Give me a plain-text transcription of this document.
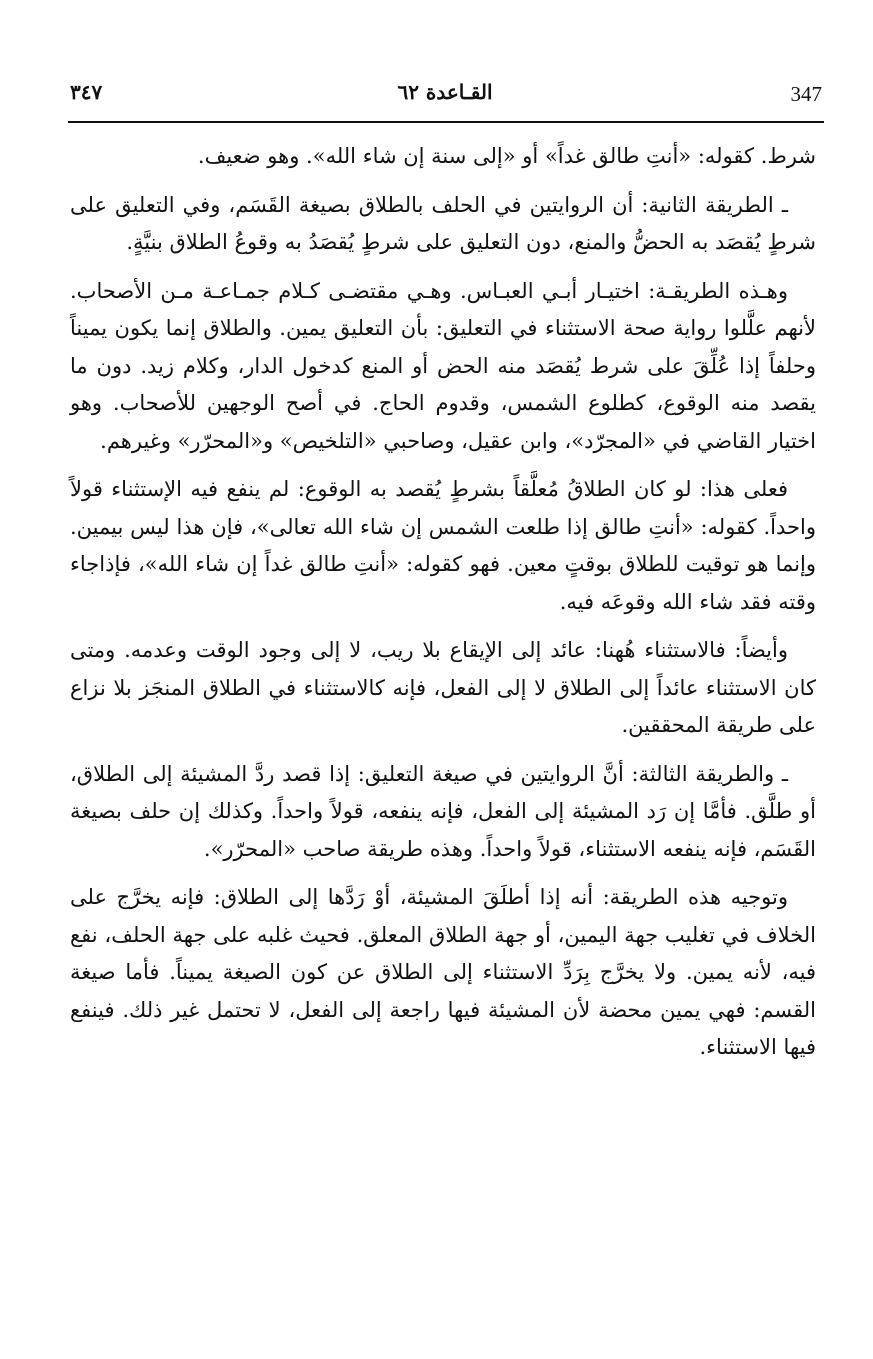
347
القـاعدة ٦٢
٣٤٧

شرط. كقوله: «أنتِ طالق غداً» أو «إلى سنة إن شاء الله». وهو ضعيف.

ـ الطريقة الثانية: أن الروايتين في الحلف بالطلاق بصيغة القَسَم، وفي التعليق على شرطٍ يُقصَد به الحضُّ والمنع، دون التعليق على شرطٍ يُقصَدُ به وقوعُ الطلاق بنيَّةٍ.

وهـذه الطريقـة: اختيـار أبـي العبـاس. وهـي مقتضـى كـلام جمـاعـة مـن الأصحاب. لأنهم علَّلوا رواية صحة الاستثناء في التعليق: بأن التعليق يمين. والطلاق إنما يكون يميناً وحلفاً إذا عُلِّقَ على شرط يُقصَد منه الحض أو المنع كدخول الدار، وكلام زيد. دون ما يقصد منه الوقوع، كطلوع الشمس، وقدوم الحاج. في أصح الوجهين للأصحاب. وهو اختيار القاضي في «المجرّد»، وابن عقيل، وصاحبي «التلخيص» و«المحرّر» وغيرهم.

فعلى هذا: لو كان الطلاقُ مُعلَّقاً بشرطٍ يُقصد به الوقوع: لم ينفع فيه الإستثناء قولاً واحداً. كقوله: «أنتِ طالق إذا طلعت الشمس إن شاء الله تعالى»، فإن هذا ليس بيمين. وإنما هو توقيت للطلاق بوقتٍ معين. فهو كقوله: «أنتِ طالق غداً إن شاء الله»، فإذاجاء وقته فقد شاء الله وقوعَه فيه.

وأيضاً: فالاستثناء هُهنا: عائد إلى الإيقاع بلا ريب، لا إلى وجود الوقت وعدمه. ومتى كان الاستثناء عائداً إلى الطلاق لا إلى الفعل، فإنه كالاستثناء في الطلاق المنجَز بلا نزاع على طريقة المحققين.

ـ والطريقة الثالثة: أنَّ الروايتين في صيغة التعليق: إذا قصد ردَّ المشيئة إلى الطلاق، أو طلَّق. فأمَّا إن رَد المشيئة إلى الفعل، فإنه ينفعه، قولاً واحداً. وكذلك إن حلف بصيغة القَسَم، فإنه ينفعه الاستثناء، قولاً واحداً. وهذه طريقة صاحب «المحرّر».

وتوجيه هذه الطريقة: أنه إذا أطلَقَ المشيئة، أوْ رَدَّها إلى الطلاق: فإنه يخرَّج على الخلاف في تغليب جهة اليمين، أو جهة الطلاق المعلق. فحيث غلبه على جهة الحلف، نفع فيه، لأنه يمين. ولا يخرَّج بِرَدِّ الاستثناء إلى الطلاق عن كون الصيغة يميناً. فأما صيغة القسم: فهي يمين محضة لأن المشيئة فيها راجعة إلى الفعل، لا تحتمل غير ذلك. فينفع فيها الاستثناء.
